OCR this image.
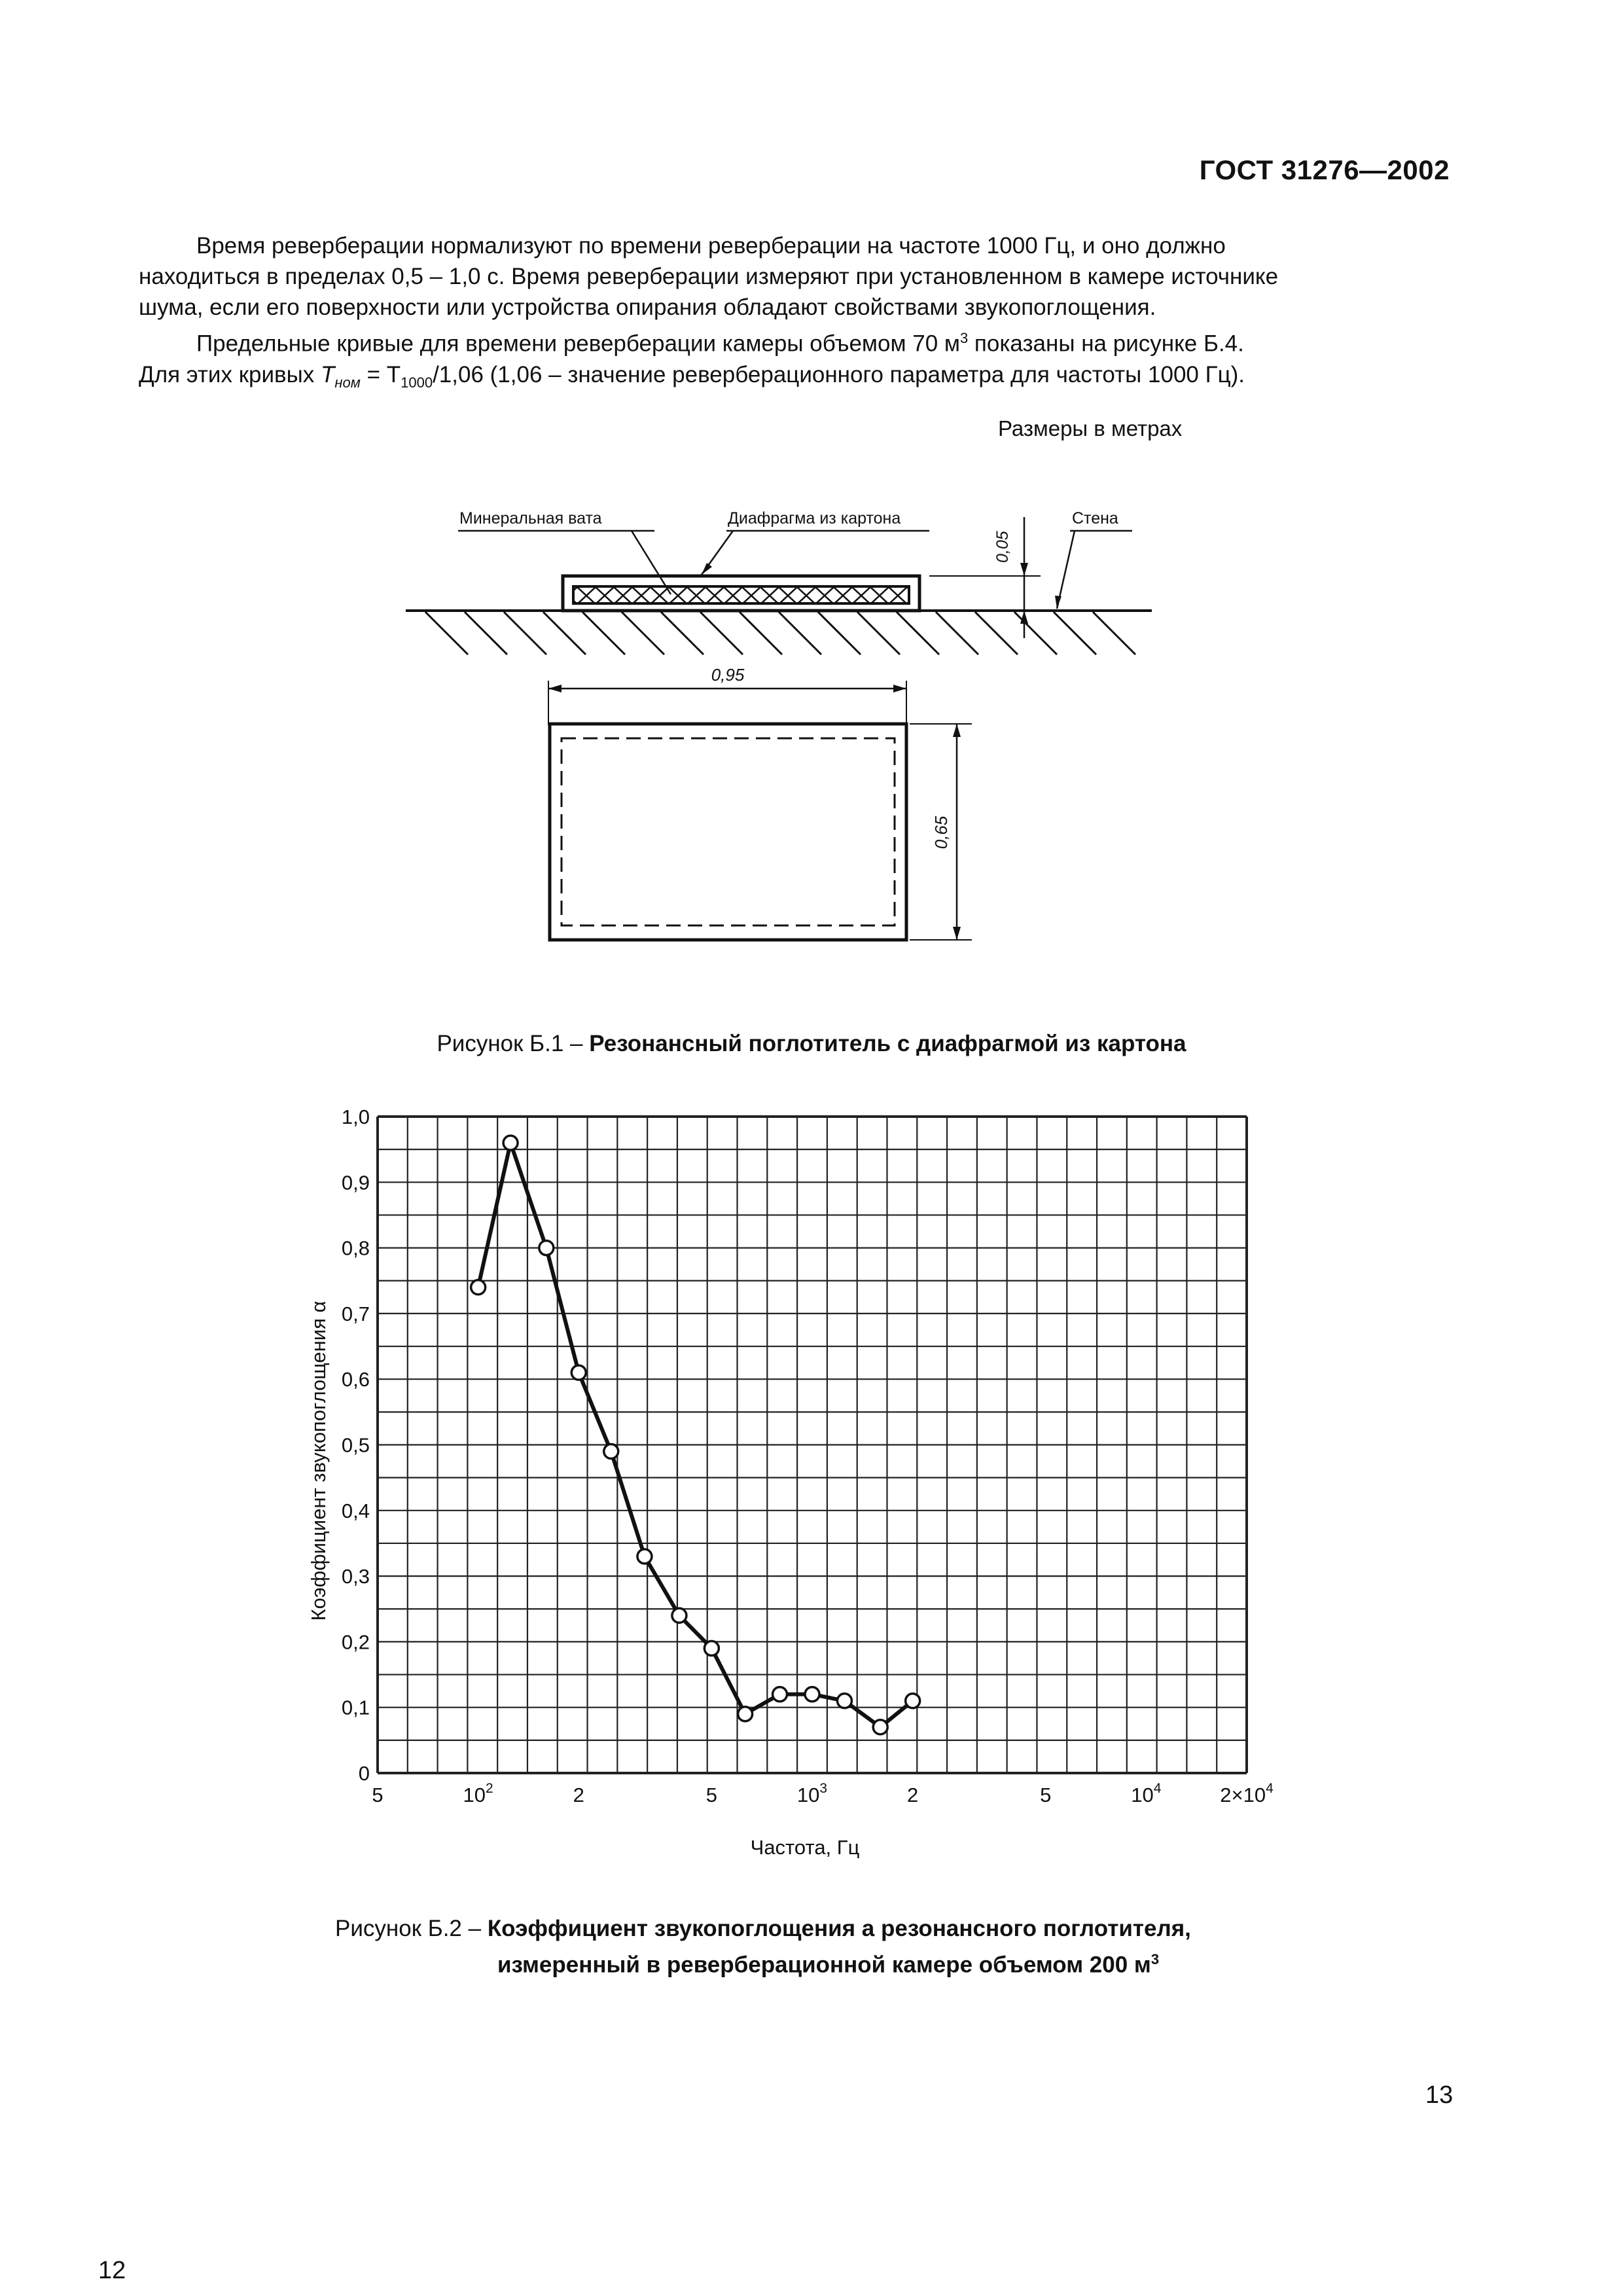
ГОСТ 31276—2002
Время реверберации нормализуют по времени реверберации на частоте 1000 Гц, и оно должно
находиться в пределах 0,5 – 1,0 с. Время реверберации измеряют при установленном в камере источнике
шума, если его поверхности или устройства опирания обладают свойствами звукопоглощения.
Предельные кривые для времени реверберации камеры объемом 70 $м^3$ показаны на рисунке Б.4.
Для этих кривых $T_{ном} = T_{1000}/1,06$ (1,06 – значение реверберационного параметра для частоты 1000 Гц).
Размеры в метрах
Минеральная вата	Диафрагма из картона	Стена
0,05
0,95
0,65
Рисунок Б.1 – Резонансный поглотитель с диафрагмой из картона
0
0,1
0,2
0,3
0,4
0,5
0,6
0,7
0,8
0,9
1,0
5	$10^2$	2	5	$10^3$	2	5	$10^4$	$2\times 10^4$
Частота, Гц
Коэффициент звукопоглощения α
Рисунок Б.2 – Коэффициент звукопоглощения а резонансного поглотителя,
измеренный в реверберационной камере объемом 200 $м^3$
13
12
